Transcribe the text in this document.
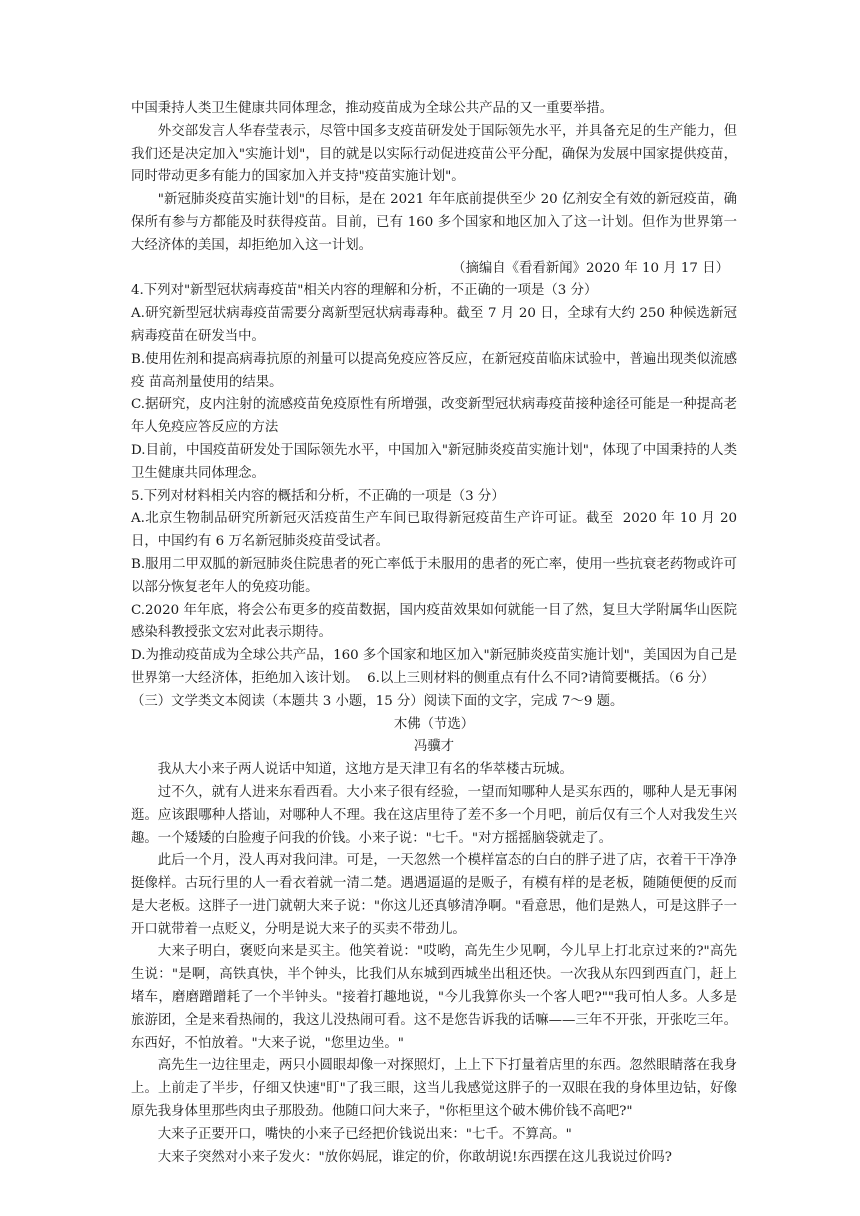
中国秉持人类卫生健康共同体理念，推动疫苗成为全球公共产品的又一重要举措。

外交部发言人华春莹表示，尽管中国多支疫苗研发处于国际领先水平，并具备充足的生产能力，但我们还是决定加入"实施计划"，目的就是以实际行动促进疫苗公平分配，确保为发展中国家提供疫苗，同时带动更多有能力的国家加入并支持"疫苗实施计划"。

"新冠肺炎疫苗实施计划"的目标，是在 2021 年年底前提供至少 20 亿剂安全有效的新冠疫苗，确保所有参与方都能及时获得疫苗。目前，已有 160 多个国家和地区加入了这一计划。但作为世界第一大经济体的美国，却拒绝加入这一计划。

（摘编自《看看新闻》2020 年 10 月 17 日）

4.下列对"新型冠状病毒疫苗"相关内容的理解和分析，不正确的一项是（3 分）

A.研究新型冠状病毒疫苗需要分离新型冠状病毒毒种。截至 7 月 20 日，全球有大约 250 种候选新冠病毒疫苗在研发当中。

B.使用佐剂和提高病毒抗原的剂量可以提高免疫应答反应，在新冠疫苗临床试验中，普遍出现类似流感疫 苗高剂量使用的结果。

C.据研究，皮内注射的流感疫苗免疫原性有所增强，改变新型冠状病毒疫苗接种途径可能是一种提高老年人免疫应答反应的方法

D.目前，中国疫苗研发处于国际领先水平，中国加入"新冠肺炎疫苗实施计划"，体现了中国秉持的人类卫生健康共同体理念。

5.下列对材料相关内容的概括和分析，不正确的一项是（3 分）

A.北京生物制品研究所新冠灭活疫苗生产车间已取得新冠疫苗生产许可证。截至  2020 年 10 月 20 日，中国约有 6 万名新冠肺炎疫苗受试者。

B.服用二甲双胍的新冠肺炎住院患者的死亡率低于未服用的患者的死亡率，使用一些抗衰老药物或许可以部分恢复老年人的免疫功能。

C.2020 年年底，将会公布更多的疫苗数据，国内疫苗效果如何就能一目了然，复旦大学附属华山医院感染科教授张文宏对此表示期待。

D.为推动疫苗成为全球公共产品，160 多个国家和地区加入"新冠肺炎疫苗实施计划"，美国因为自己是世界第一大经济体，拒绝加入该计划。  6.以上三则材料的侧重点有什么不同?请简要概括。（6 分）

（三）文学类文本阅读（本题共 3 小题，15 分）阅读下面的文字，完成 7～9 题。

木佛（节选）

冯骥才

我从大小来子两人说话中知道，这地方是天津卫有名的华萃楼古玩城。

过不久，就有人进来东看西看。大小来子很有经验，一望而知哪种人是买东西的，哪种人是无事闲逛。应该跟哪种人搭讪，对哪种人不理。我在这店里待了差不多一个月吧，前后仅有三个人对我发生兴趣。一个矮矮的白脸瘦子问我的价钱。小来子说："七千。"对方摇摇脑袋就走了。

此后一个月，没人再对我问津。可是，一天忽然一个模样富态的白白的胖子进了店，衣着干干净净挺像样。古玩行里的人一看衣着就一清二楚。遇遇逼逼的是贩子，有模有样的是老板，随随便便的反而是大老板。这胖子一进门就朝大来子说："你这儿还真够清净啊。"看意思，他们是熟人，可是这胖子一开口就带着一点贬义，分明是说大来子的买卖不带劲儿。

大来子明白，褒贬向来是买主。他笑着说："哎哟，高先生少见啊，今儿早上打北京过来的?"高先生说："是啊，高铁真快，半个钟头，比我们从东城到西城坐出租还快。一次我从东四到西直门，赶上堵车，磨磨蹭蹭耗了一个半钟头。"接着打趣地说，"今儿我算你头一个客人吧?""我可怕人多。人多是旅游团，全是来看热闹的，我这儿没热闹可看。这不是您告诉我的话嘛——三年不开张，开张吃三年。东西好，不怕放着。"大来子说，"您里边坐。"

高先生一边往里走，两只小圆眼却像一对探照灯，上上下下打量着店里的东西。忽然眼睛落在我身上。上前走了半步，仔细又快速"盯"了我三眼，这当儿我感觉这胖子的一双眼在我的身体里边钻，好像原先我身体里那些肉虫子那股劲。他随口问大来子，"你柜里这个破木佛价钱不高吧?"

大来子正要开口，嘴快的小来子已经把价钱说出来："七千。不算高。"

大来子突然对小来子发火："放你妈屁，谁定的价，你敢胡说!东西摆在这儿我说过价吗?
